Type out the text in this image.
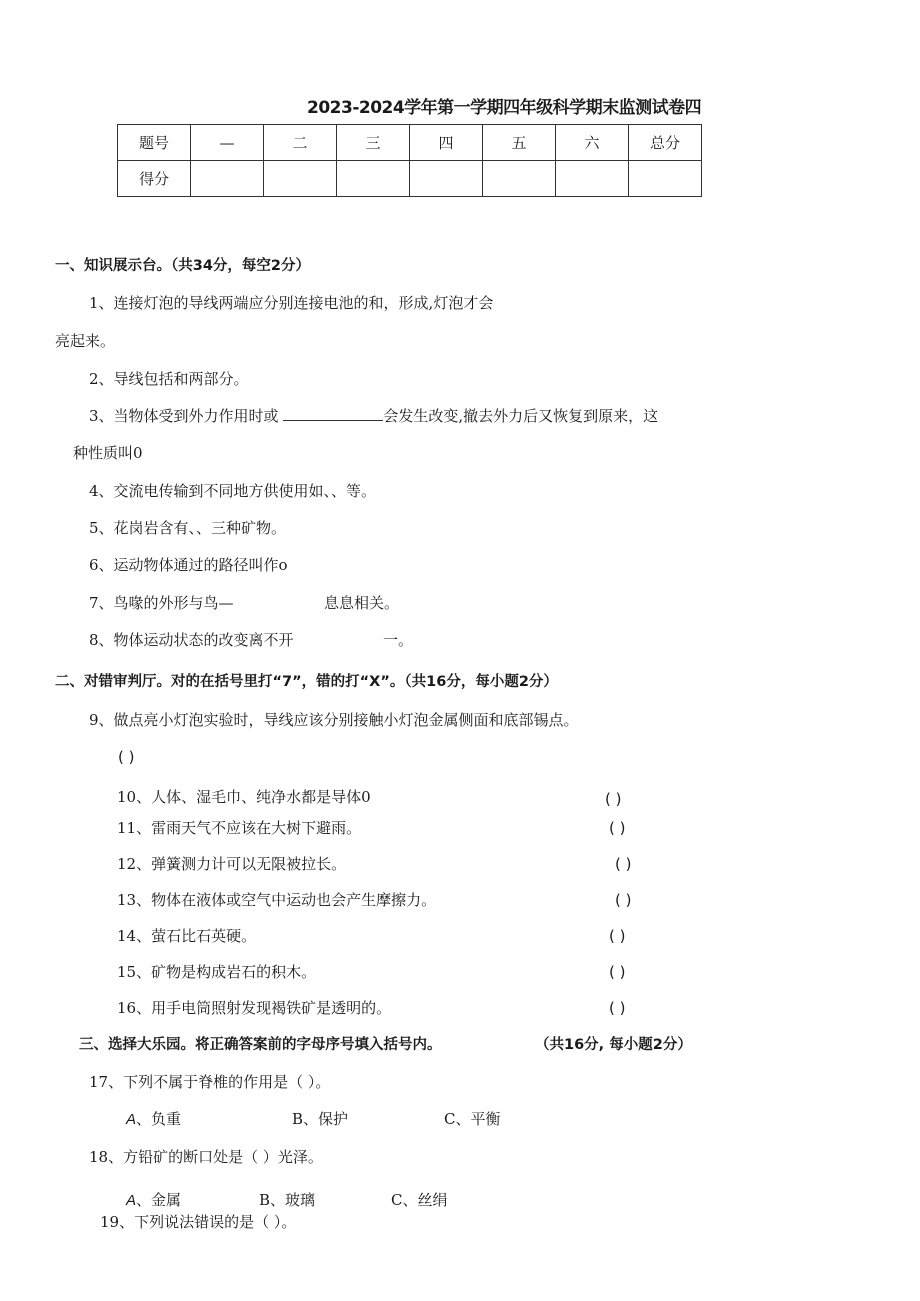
2023-2024学年第一学期四年级科学期末监测试卷四
题号	—	二	三	四	五	六	总分
得分							
一、知识展示台。（共34分，每空2分）
1、连接灯泡的导线两端应分别连接电池的和，形成,灯泡才会
亮起来。
2、导线包括和两部分。
3、当物体受到外力作用时或	会发生改变,撤去外力后又恢复到原来，这
种性质叫0
4、交流电传输到不同地方供使用如、、等。
5、花岗岩含有、、三种矿物。
6、运动物体通过的路径叫作o
7、鸟喙的外形与鸟—	息息相关。
8、物体运动状态的改变离不开	一。
二、对错审判厅。对的在括号里打“7”，错的打“X”。（共16分，每小题2分）
9、做点亮小灯泡实验时，导线应该分别接触小灯泡金属侧面和底部锡点。
( )
10、人体、湿毛巾、纯净水都是导体0	( )
11、雷雨天气不应该在大树下避雨。	( )
12、弹簧测力计可以无限被拉长。	( )
13、物体在液体或空气中运动也会产生摩擦力。	( )
14、萤石比石英硬。	( )
15、矿物是构成岩石的积木。	( )
16、用手电筒照射发现褐铁矿是透明的。	( )
三、选择大乐园。将正确答案前的字母序号填入括号内。	（共16分, 每小题2分）
17、下列不属于脊椎的作用是（ ）。
A、负重	B、保护	C、平衡
18、方铅矿的断口处是（ ）光泽。
A、金属	B、玻璃	C、丝绢
19、下列说法错误的是（ ）。
